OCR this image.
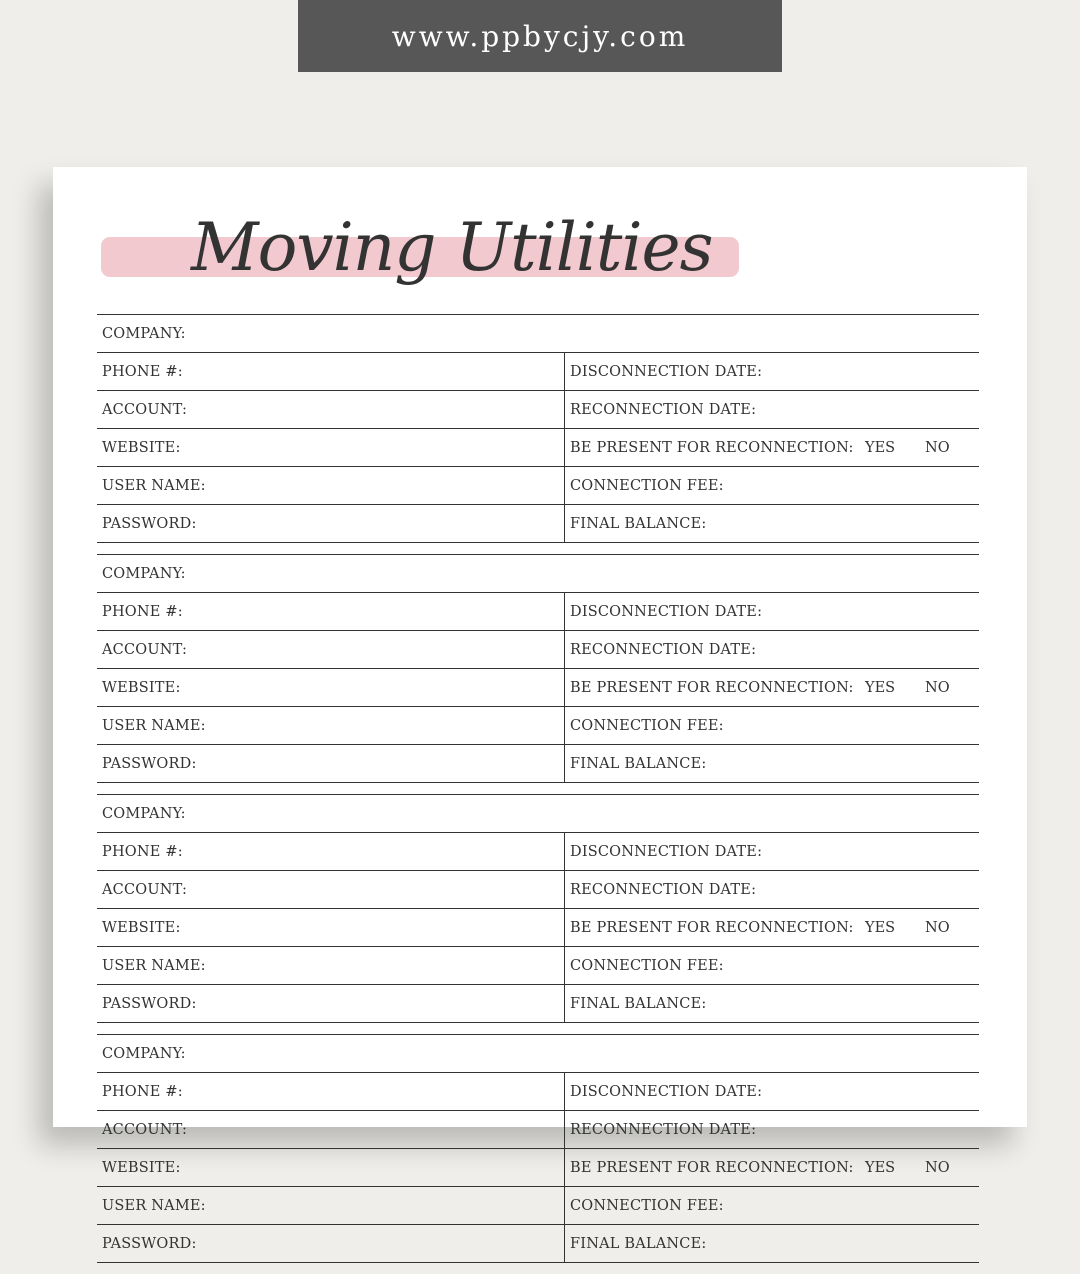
www.ppbycjy.com
Moving Utilities
COMPANY:
PHONE #:	DISCONNECTION DATE:
ACCOUNT:	RECONNECTION DATE:
WEBSITE:	BE PRESENT FOR RECONNECTION: YES NO
USER NAME:	CONNECTION FEE:
PASSWORD:	FINAL BALANCE:
COMPANY:
PHONE #:	DISCONNECTION DATE:
ACCOUNT:	RECONNECTION DATE:
WEBSITE:	BE PRESENT FOR RECONNECTION: YES NO
USER NAME:	CONNECTION FEE:
PASSWORD:	FINAL BALANCE:
COMPANY:
PHONE #:	DISCONNECTION DATE:
ACCOUNT:	RECONNECTION DATE:
WEBSITE:	BE PRESENT FOR RECONNECTION: YES NO
USER NAME:	CONNECTION FEE:
PASSWORD:	FINAL BALANCE:
COMPANY:
PHONE #:	DISCONNECTION DATE:
ACCOUNT:	RECONNECTION DATE:
WEBSITE:	BE PRESENT FOR RECONNECTION: YES NO
USER NAME:	CONNECTION FEE:
PASSWORD:	FINAL BALANCE:
